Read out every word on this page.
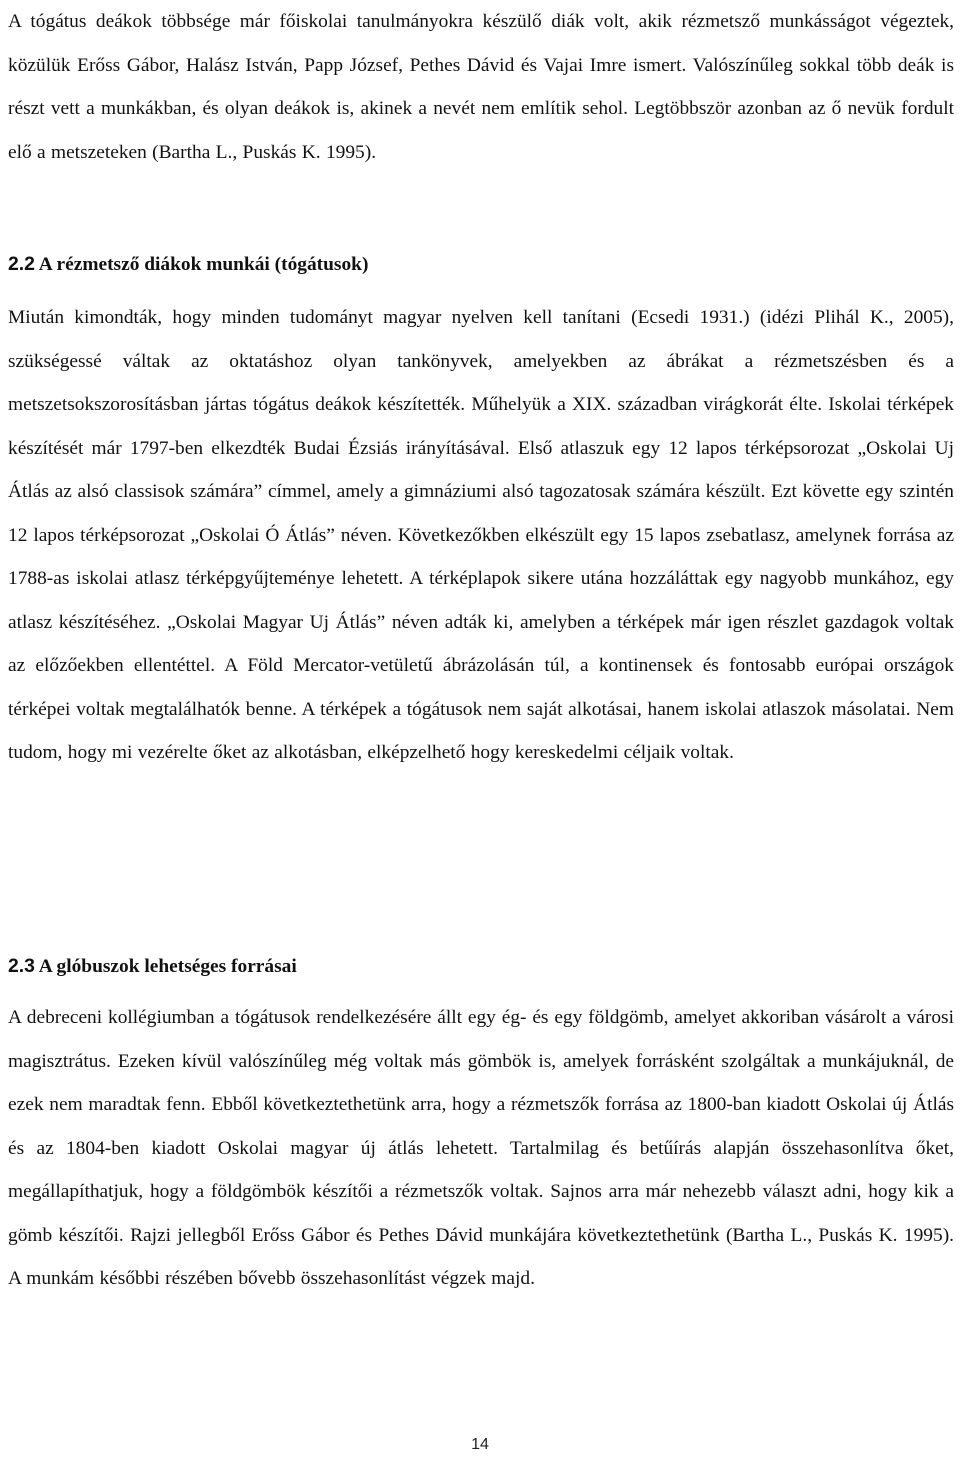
A tógátus deákok többsége már főiskolai tanulmányokra készülő diák volt, akik rézmetsző munkásságot végeztek, közülük Erőss Gábor, Halász István, Papp József, Pethes Dávid és Vajai Imre ismert. Valószínűleg sokkal több deák is részt vett a munkákban, és olyan deákok is, akinek a nevét nem említik sehol. Legtöbbször azonban az ő nevük fordult elő a metszeteken (Bartha L., Puskás K. 1995).

2.2 A rézmetsző diákok munkái (tógátusok)

Miután kimondták, hogy minden tudományt magyar nyelven kell tanítani (Ecsedi 1931.) (idézi Plihál K., 2005), szükségessé váltak az oktatáshoz olyan tankönyvek, amelyekben az ábrákat a rézmetszésben és a metszetsokszorosításban jártas tógátus deákok készítették. Műhelyük a XIX. században virágkorát élte. Iskolai térképek készítését már 1797-ben elkezdték Budai Ézsiás irányításával. Első atlaszuk egy 12 lapos térképsorozat „Oskolai Uj Átlás az alsó classisok számára” címmel, amely a gimnáziumi alsó tagozatosak számára készült. Ezt követte egy szintén 12 lapos térképsorozat „Oskolai Ó Átlás” néven. Következőkben elkészült egy 15 lapos zsebatlasz, amelynek forrása az 1788-as iskolai atlasz térképgyűjteménye lehetett. A térképlapok sikere utána hozzáláttak egy nagyobb munkához, egy atlasz készítéséhez. „Oskolai Magyar Uj Átlás” néven adták ki, amelyben a térképek már igen részlet gazdagok voltak az előzőekben ellentéttel. A Föld Mercator-vetületű ábrázolásán túl, a kontinensek és fontosabb európai országok térképei voltak megtalálhatók benne. A térképek a tógátusok nem saját alkotásai, hanem iskolai atlaszok másolatai. Nem tudom, hogy mi vezérelte őket az alkotásban, elképzelhető hogy kereskedelmi céljaik voltak.

2.3 A glóbuszok lehetséges forrásai

A debreceni kollégiumban a tógátusok rendelkezésére állt egy ég- és egy földgömb, amelyet akkoriban vásárolt a városi magisztrátus. Ezeken kívül valószínűleg még voltak más gömbök is, amelyek forrásként szolgáltak a munkájuknál, de ezek nem maradtak fenn. Ebből következtethetünk arra, hogy a rézmetszők forrása az 1800-ban kiadott Oskolai új Átlás és az 1804-ben kiadott Oskolai magyar új átlás lehetett. Tartalmilag és betűírás alapján összehasonlítva őket, megállapíthatjuk, hogy a földgömbök készítői a rézmetszők voltak. Sajnos arra már nehezebb választ adni, hogy kik a gömb készítői. Rajzi jellegből Erőss Gábor és Pethes Dávid munkájára következtethetünk (Bartha L., Puskás K. 1995). A munkám későbbi részében bővebb összehasonlítást végzek majd.

14
